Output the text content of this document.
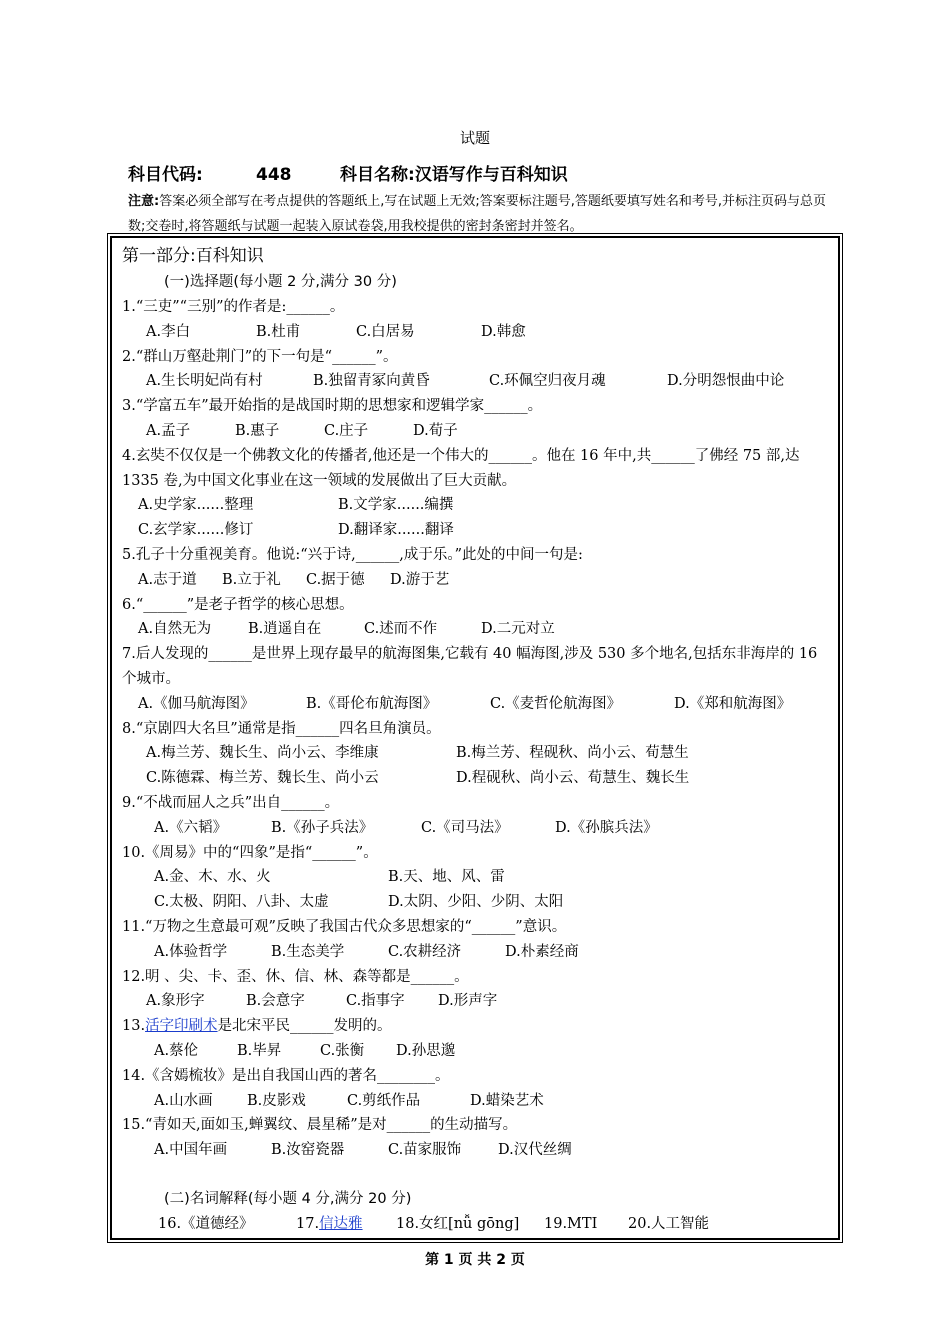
试题
科目代码:	448	科目名称:汉语写作与百科知识
注意:答案必须全部写在考点提供的答题纸上,写在试题上无效;答案要标注题号,答题纸要填写姓名和考号,并标注页码与总页数;交卷时,将答题纸与试题一起装入原试卷袋,用我校提供的密封条密封并签名。
第一部分:百科知识
(一)选择题(每小题 2 分,满分 30 分)
1.“三吏”“三别”的作者是:______。
A.李白	B.杜甫	C.白居易	D.韩愈
2.“群山万壑赴荆门”的下一句是“______”。
A.生长明妃尚有村	B.独留青冢向黄昏	C.环佩空归夜月魂	D.分明怨恨曲中论
3.“学富五车”最开始指的是战国时期的思想家和逻辑学家______。
A.孟子	B.惠子	C.庄子	D.荀子
4.玄奘不仅仅是一个佛教文化的传播者,他还是一个伟大的______。他在 16 年中,共______了佛经 75 部,达 1335 卷,为中国文化事业在这一领域的发展做出了巨大贡献。
A.史学家......整理	B.文学家......编撰
C.玄学家......修订	D.翻译家......翻译
5.孔子十分重视美育。他说:“兴于诗,______,成于乐。”此处的中间一句是:
A.志于道 B.立于礼 C.据于德 D.游于艺
6.“______”是老子哲学的核心思想。
A.自然无为	B.逍遥自在	C.述而不作	D.二元对立
7.后人发现的______是世界上现存最早的航海图集,它载有 40 幅海图,涉及 530 多个地名,包括东非海岸的 16 个城市。
A.《伽马航海图》	B.《哥伦布航海图》	C.《麦哲伦航海图》	D.《郑和航海图》
8.“京剧四大名旦”通常是指______四名旦角演员。
A.梅兰芳、魏长生、尚小云、李维康	B.梅兰芳、程砚秋、尚小云、荀慧生
C.陈德霖、梅兰芳、魏长生、尚小云	D.程砚秋、尚小云、荀慧生、魏长生
9.“不战而屈人之兵”出自______。
A.《六韬》	B.《孙子兵法》	C.《司马法》	D.《孙膑兵法》
10.《周易》中的“四象”是指“______”。
A.金、木、水、火	B.天、地、风、雷
C.太极、阴阳、八卦、太虚	D.太阴、少阳、少阴、太阳
11.“万物之生意最可观”反映了我国古代众多思想家的“______”意识。
A.体验哲学	B.生态美学	C.农耕经济	D.朴素经商
12.明 、尖、卡、歪、休、信、林、森等都是______。
A.象形字	B.会意字	C.指事字 D.形声字
13.活字印刷术是北宋平民______发明的。
A.蔡伦	B.毕昇	C.张衡 D.孙思邈
14.《含嫣梳妆》是出自我国山西的著名________。
A.山水画 B.皮影戏	C.剪纸作品	D.蜡染艺术
15.“青如天,面如玉,蝉翼纹、晨星稀”是对______的生动描写。
A.中国年画	B.汝窑瓷器	C.苗家服饰	D.汉代丝绸
(二)名词解释(每小题 4 分,满分 20 分)
16.《道德经》	17.信达雅 18.女红[nǚ gōng] 19.MTI 20.人工智能
第 1 页 共 2 页
